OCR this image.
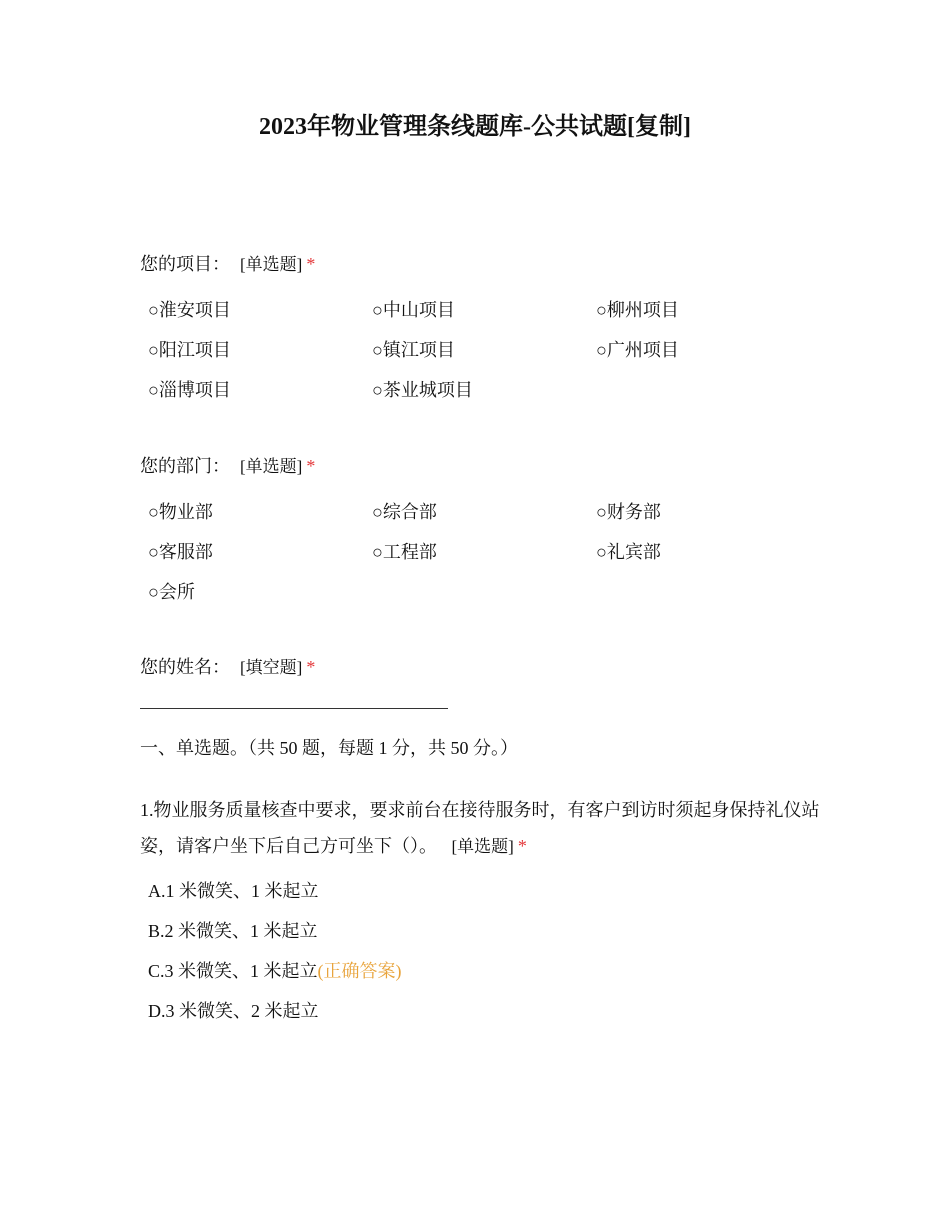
2023年物业管理条线题库-公共试题[复制]
您的项目： [单选题] *
○淮安项目	○中山项目	○柳州项目
○阳江项目	○镇江项目	○广州项目
○淄博项目	○茶业城项目
您的部门： [单选题] *
○物业部	○综合部	○财务部
○客服部	○工程部	○礼宾部
○会所
您的姓名： [填空题] *
一、单选题。（共 50 题，每题 1 分，共 50 分。）
1.物业服务质量核查中要求，要求前台在接待服务时，有客户到访时须起身保持礼仪站姿，请客户坐下后自己方可坐下（）。 [单选题] *
A.1 米微笑、1 米起立
B.2 米微笑、1 米起立
C.3 米微笑、1 米起立(正确答案)
D.3 米微笑、2 米起立
